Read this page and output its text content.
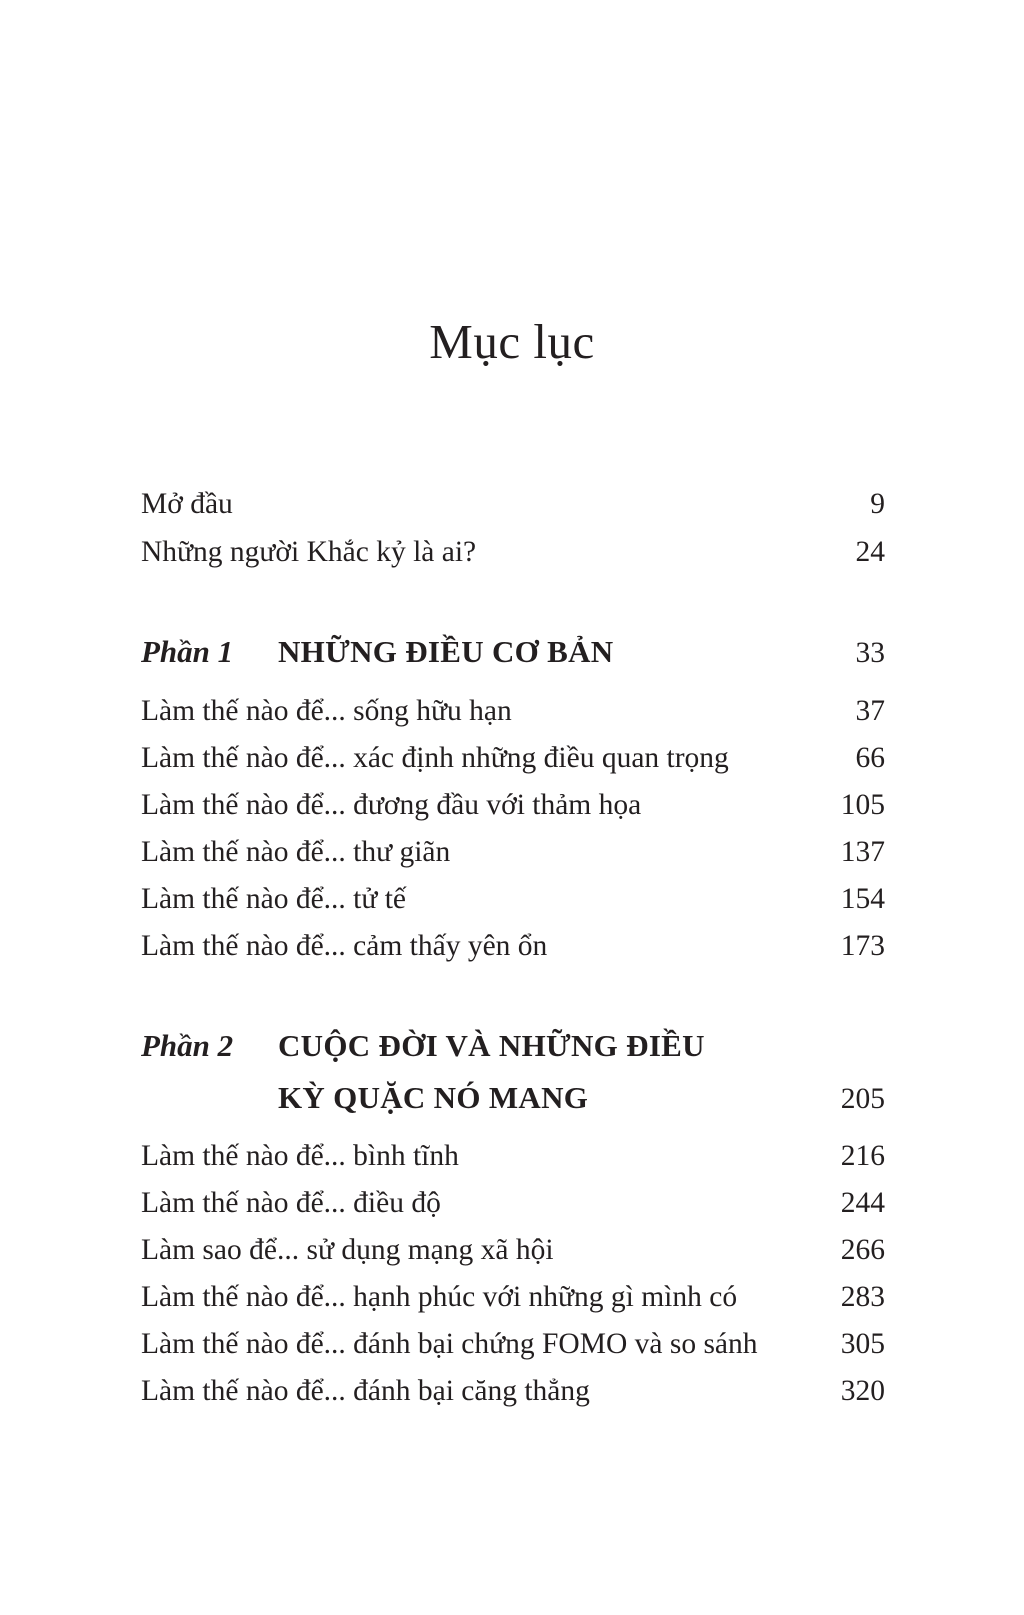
Mục lục
Mở đầu	9
Những người Khắc kỷ là ai?	24
Phần 1 NHỮNG ĐIỀU CƠ BẢN	33
Làm thế nào để... sống hữu hạn	37
Làm thế nào để... xác định những điều quan trọng	66
Làm thế nào để... đương đầu với thảm họa	105
Làm thế nào để... thư giãn	137
Làm thế nào để... tử tế	154
Làm thế nào để... cảm thấy yên ổn	173
Phần 2 CUỘC ĐỜI VÀ NHỮNG ĐIỀU
KỲ QUẶC NÓ MANG	205
Làm thế nào để... bình tĩnh	216
Làm thế nào để... điều độ	244
Làm sao để... sử dụng mạng xã hội	266
Làm thế nào để... hạnh phúc với những gì mình có	283
Làm thế nào để... đánh bại chứng FOMO và so sánh	305
Làm thế nào để... đánh bại căng thẳng	320
